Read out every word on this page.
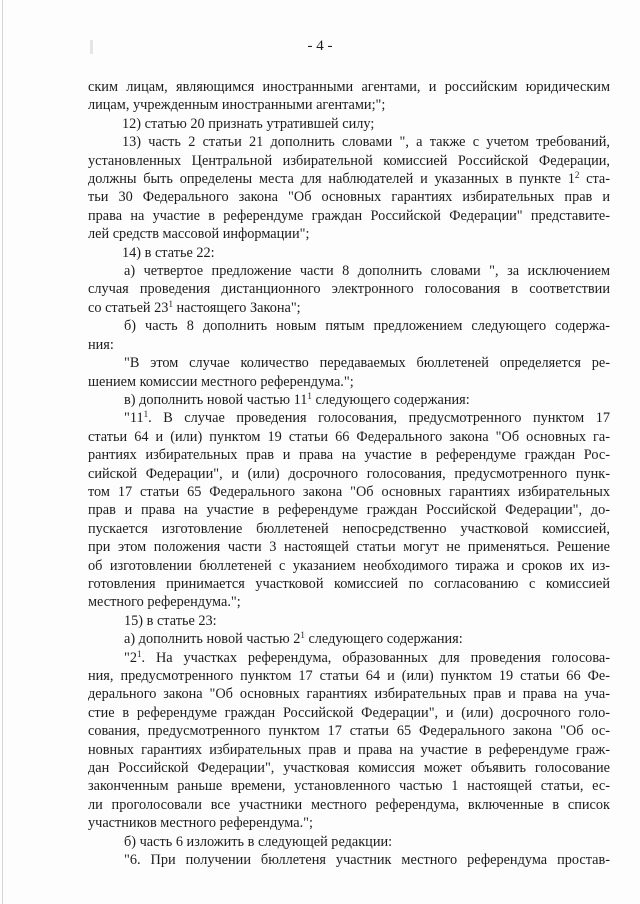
- 4 -

ским лицам, являющимся иностранными агентами, и российским юридическим

лицам, учрежденным иностранными агентами;";

12) статью 20 признать утратившей силу;

13) часть 2 статьи 21 дополнить словами ", а также с учетом требований,

установленных Центральной избирательной комиссией Российской Федерации,

должны быть определены места для наблюдателей и указанных в пункте $1^2$ ста-

тьи 30 Федерального закона "Об основных гарантиях избирательных прав и

права на участие в референдуме граждан Российской Федерации" представите-

лей средств массовой информации";

14) в статье 22:

а) четвертое предложение части 8 дополнить словами ", за исключением

случая проведения дистанционного электронного голосования в соответствии

со статьей $23^1$ настоящего Закона";

б) часть 8 дополнить новым пятым предложением следующего содержа-

ния:

"В этом случае количество передаваемых бюллетеней определяется ре-

шением комиссии местного референдума.";

в) дополнить новой частью $11^1$ следующего содержания:

"$11^1$. В случае проведения голосования, предусмотренного пунктом 17

статьи 64 и (или) пунктом 19 статьи 66 Федерального закона "Об основных га-

рантиях избирательных прав и права на участие в референдуме граждан Рос-

сийской Федерации", и (или) досрочного голосования, предусмотренного пунк-

том 17 статьи 65 Федерального закона "Об основных гарантиях избирательных

прав и права на участие в референдуме граждан Российской Федерации", до-

пускается изготовление бюллетеней непосредственно участковой комиссией,

при этом положения части 3 настоящей статьи могут не применяться. Решение

об изготовлении бюллетеней с указанием необходимого тиража и сроков их из-

готовления принимается участковой комиссией по согласованию с комиссией

местного референдума.";

15) в статье 23:

а) дополнить новой частью $2^1$ следующего содержания:

"$2^1$. На участках референдума, образованных для проведения голосова-

ния, предусмотренного пунктом 17 статьи 64 и (или) пунктом 19 статьи 66 Фе-

дерального закона "Об основных гарантиях избирательных прав и права на уча-

стие в референдуме граждан Российской Федерации", и (или) досрочного голо-

сования, предусмотренного пунктом 17 статьи 65 Федерального закона "Об ос-

новных гарантиях избирательных прав и права на участие в референдуме граж-

дан Российской Федерации", участковая комиссия может объявить голосование

законченным раньше времени, установленного частью 1 настоящей статьи, ес-

ли проголосовали все участники местного референдума, включенные в список

участников местного референдума.";

б) часть 6 изложить в следующей редакции:

"6. При получении бюллетеня участник местного референдума простав-
